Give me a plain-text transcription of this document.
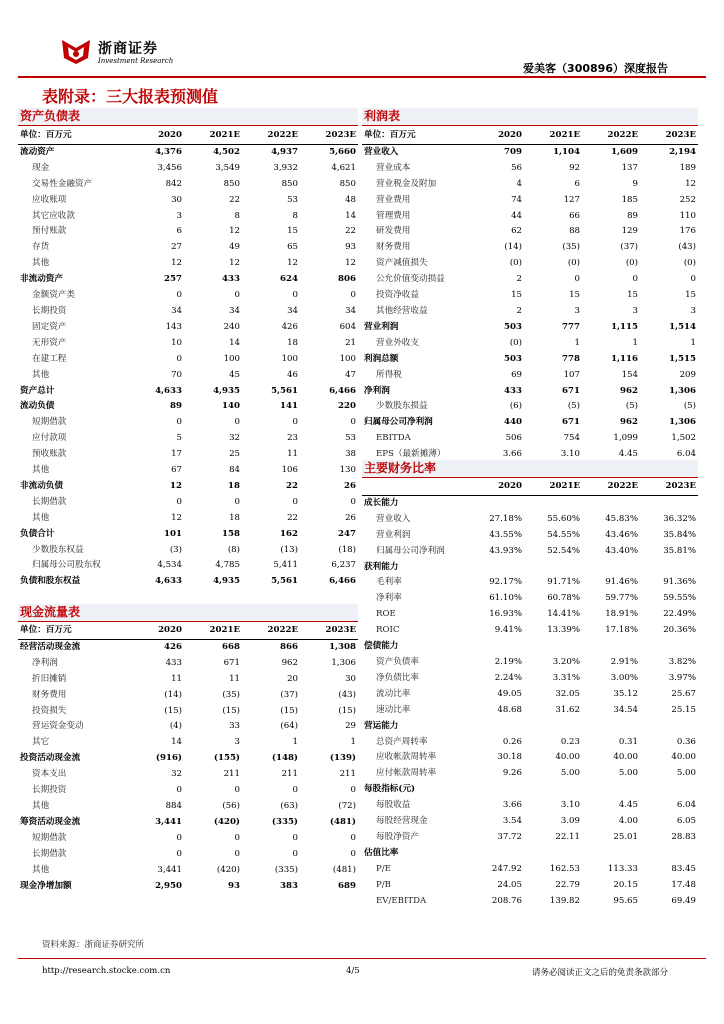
浙商证券
Investment Research
爱美客（300896）深度报告
表附录：三大报表预测值
资产负债表
单位：百万元	2020	2021E	2022E	2023E
流动资产	4,376	4,502	4,937	5,660
现金	3,456	3,549	3,932	4,621
交易性金融资产	842	850	850	850
应收账项	30	22	53	48
其它应收款	3	8	8	14
预付账款	6	12	15	22
存货	27	49	65	93
其他	12	12	12	12
非流动资产	257	433	624	806
金额资产类	0	0	0	0
长期投资	34	34	34	34
固定资产	143	240	426	604
无形资产	10	14	18	21
在建工程	0	100	100	100
其他	70	45	46	47
资产总计	4,633	4,935	5,561	6,466
流动负债	89	140	141	220
短期借款	0	0	0	0
应付款项	5	32	23	53
预收账款	17	25	11	38
其他	67	84	106	130
非流动负债	12	18	22	26
长期借款	0	0	0	0
其他	12	18	22	26
负债合计	101	158	162	247
少数股东权益	(3)	(8)	(13)	(18)
归属母公司股东权	4,534	4,785	5,411	6,237
负债和股东权益	4,633	4,935	5,561	6,466
现金流量表
单位：百万元	2020	2021E	2022E	2023E
经营活动现金流	426	668	866	1,308
净利润	433	671	962	1,306
折旧摊销	11	11	20	30
财务费用	(14)	(35)	(37)	(43)
投资损失	(15)	(15)	(15)	(15)
营运资金变动	(4)	33	(64)	29
其它	14	3	1	1
投资活动现金流	(916)	(155)	(148)	(139)
资本支出	32	211	211	211
长期投资	0	0	0	0
其他	884	(56)	(63)	(72)
筹资活动现金流	3,441	(420)	(335)	(481)
短期借款	0	0	0	0
长期借款	0	0	0	0
其他	3,441	(420)	(335)	(481)
现金净增加额	2,950	93	383	689
利润表
单位：百万元	2020	2021E	2022E	2023E
营业收入	709	1,104	1,609	2,194
营业成本	56	92	137	189
营业税金及附加	4	6	9	12
营业费用	74	127	185	252
管理费用	44	66	89	110
研发费用	62	88	129	176
财务费用	(14)	(35)	(37)	(43)
资产减值损失	(0)	(0)	(0)	(0)
公允价值变动损益	2	0	0	0
投资净收益	15	15	15	15
其他经营收益	2	3	3	3
营业利润	503	777	1,115	1,514
营业外收支	(0)	1	1	1
利润总额	503	778	1,116	1,515
所得税	69	107	154	209
净利润	433	671	962	1,306
少数股东损益	(6)	(5)	(5)	(5)
归属母公司净利润	440	671	962	1,306
EBITDA	506	754	1,099	1,502
EPS（最新摊薄）	3.66	3.10	4.45	6.04
主要财务比率
	2020	2021E	2022E	2023E
成长能力				
营业收入	27.18%	55.60%	45.83%	36.32%
营业利润	43.55%	54.55%	43.46%	35.84%
归属母公司净利润	43.93%	52.54%	43.40%	35.81%
获利能力				
毛利率	92.17%	91.71%	91.46%	91.36%
净利率	61.10%	60.78%	59.77%	59.55%
ROE	16.93%	14.41%	18.91%	22.49%
ROIC	9.41%	13.39%	17.18%	20.36%
偿债能力				
资产负债率	2.19%	3.20%	2.91%	3.82%
净负债比率	2.24%	3.31%	3.00%	3.97%
流动比率	49.05	32.05	35.12	25.67
速动比率	48.68	31.62	34.54	25.15
营运能力				
总资产周转率	0.26	0.23	0.31	0.36
应收帐款周转率	30.18	40.00	40.00	40.00
应付帐款周转率	9.26	5.00	5.00	5.00
每股指标(元)				
每股收益	3.66	3.10	4.45	6.04
每股经营现金	3.54	3.09	4.00	6.05
每股净资产	37.72	22.11	25.01	28.83
估值比率				
P/E	247.92	162.53	113.33	83.45
P/B	24.05	22.79	20.15	17.48
EV/EBITDA	208.76	139.82	95.65	69.49
资料来源：浙商证券研究所
http://research.stocke.com.cn	4/5	请务必阅读正文之后的免责条款部分
